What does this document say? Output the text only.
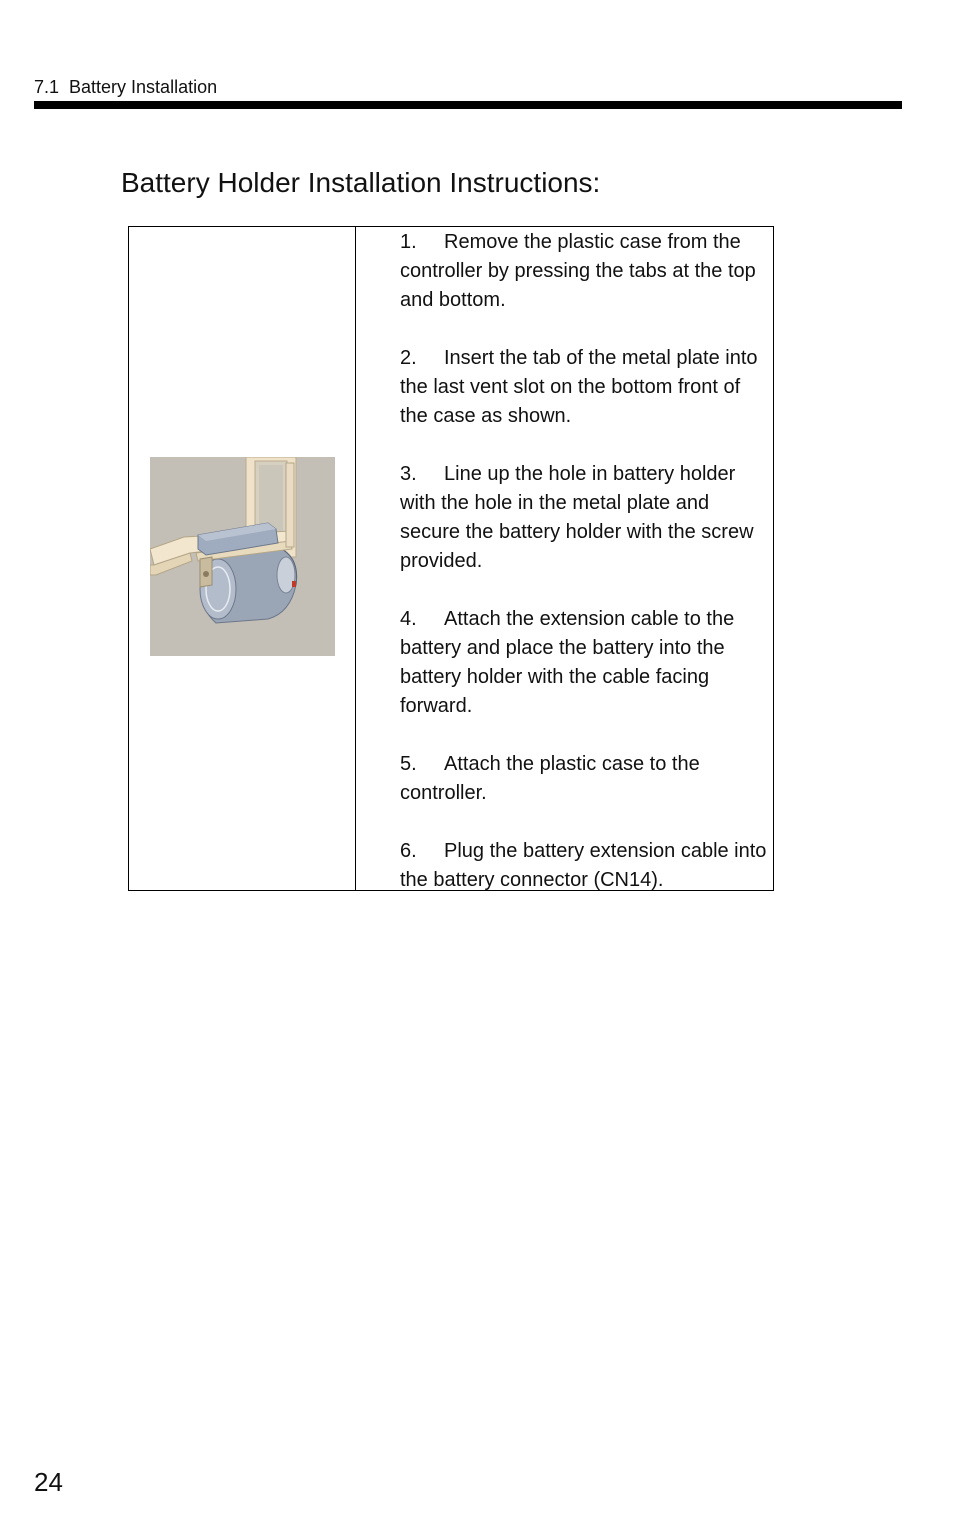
7.1  Battery Installation
Battery Holder Installation Instructions:
1. Remove the plastic case from the controller by pressing the tabs at the top and bottom.
2. Insert the tab of the metal plate into the last vent slot on the bottom front of the case as shown.
3. Line up the hole in battery holder with the hole in the metal plate and secure the battery holder with the screw provided.
4. Attach the extension cable to the battery and place the battery into the battery holder with the cable facing forward.
5. Attach the plastic case to the controller.
6. Plug the battery extension cable into the battery connector (CN14).
24
